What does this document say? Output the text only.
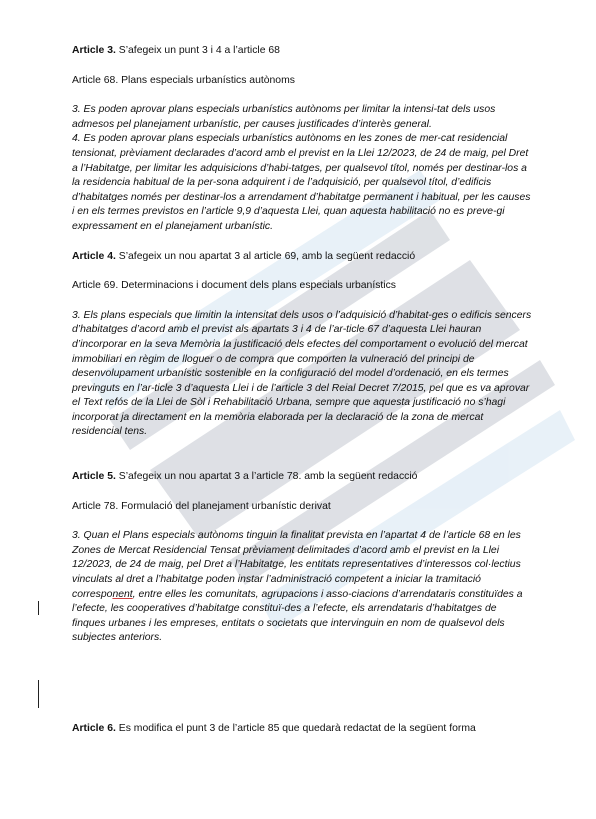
Article 3. S’afegeix un punt 3 i 4 a l’article 68

Article 68. Plans especials urbanístics autònoms

3. Es poden aprovar plans especials urbanístics autònoms per limitar la intensi-tat dels usos admesos pel planejament urbanístic, per causes justificades d’interès general.

4. Es poden aprovar plans especials urbanístics autònoms en les zones de mer-cat residencial tensionat, prèviament declarades d’acord amb el previst en la Llei 12/2023, de 24 de maig, pel Dret a l’Habitatge, per limitar les adquisicions d’habi-tatges, per qualsevol títol, només per destinar-los a la residencia habitual de la per-sona adquirent i de l’adquisició, per qualsevol títol, d’edificis d’habitatges només per destinar-los a arrendament d’habitatge permanent i habitual, per les causes i en els termes previstos en l’article 9,9 d’aquesta Llei, quan aquesta habilitació no es preve-gi expressament en el planejament urbanístic.

Article 4. S’afegeix un nou apartat 3 al article 69, amb la següent redacció

Article 69. Determinacions i document dels plans especials urbanístics

3. Els plans especials que limitin la intensitat dels usos o l’adquisició d’habitat-ges o edificis sencers d’habitatges d’acord amb el previst als apartats 3 i 4 de l’ar-ticle 67 d’aquesta Llei hauran d’incorporar en la seva Memòria la justificació dels efectes del comportament o evolució del mercat immobiliari en règim de lloguer o de compra que comporten la vulneració del principi de desenvolupament urbanístic sostenible en la configuració del model d’ordenació, en els termes previnguts en l’ar-ticle 3 d’aquesta Llei i de l’article 3 del Reial Decret 7/2015, pel que es va aprovar el Text refós de la Llei de Sòl i Rehabilitació Urbana, sempre que aquesta justificació no s’hagi incorporat ja directament en la memòria elaborada per la declaració de la zona de mercat residencial tens.

Article 5. S’afegeix un nou apartat 3 a l’article 78. amb la següent redacció

Article 78. Formulació del planejament urbanístic derivat

3. Quan el Plans especials autònoms tinguin la finalitat prevista en l’apartat 4 de l’article 68 en les Zones de Mercat Residencial Tensat prèviament delimitades d’acord amb el previst en la Llei 12/2023, de 24 de maig, pel Dret a l’Habitatge, les entitats representatives d’interessos col·lectius vinculats al dret a l’habitatge poden instar l’administració competent a iniciar la tramitació corresponent, entre elles les comunitats, agrupacions i asso-ciacions d’arrendataris constituïdes a l’efecte, les cooperatives d’habitatge constituï-des a l’efecte, els arrendataris d’habitatges de finques urbanes i les empreses, entitats o societats que intervinguin en nom de qualsevol dels subjectes anteriors.

Article 6. Es modifica el punt 3 de l’article 85 que quedarà redactat de la següent forma
